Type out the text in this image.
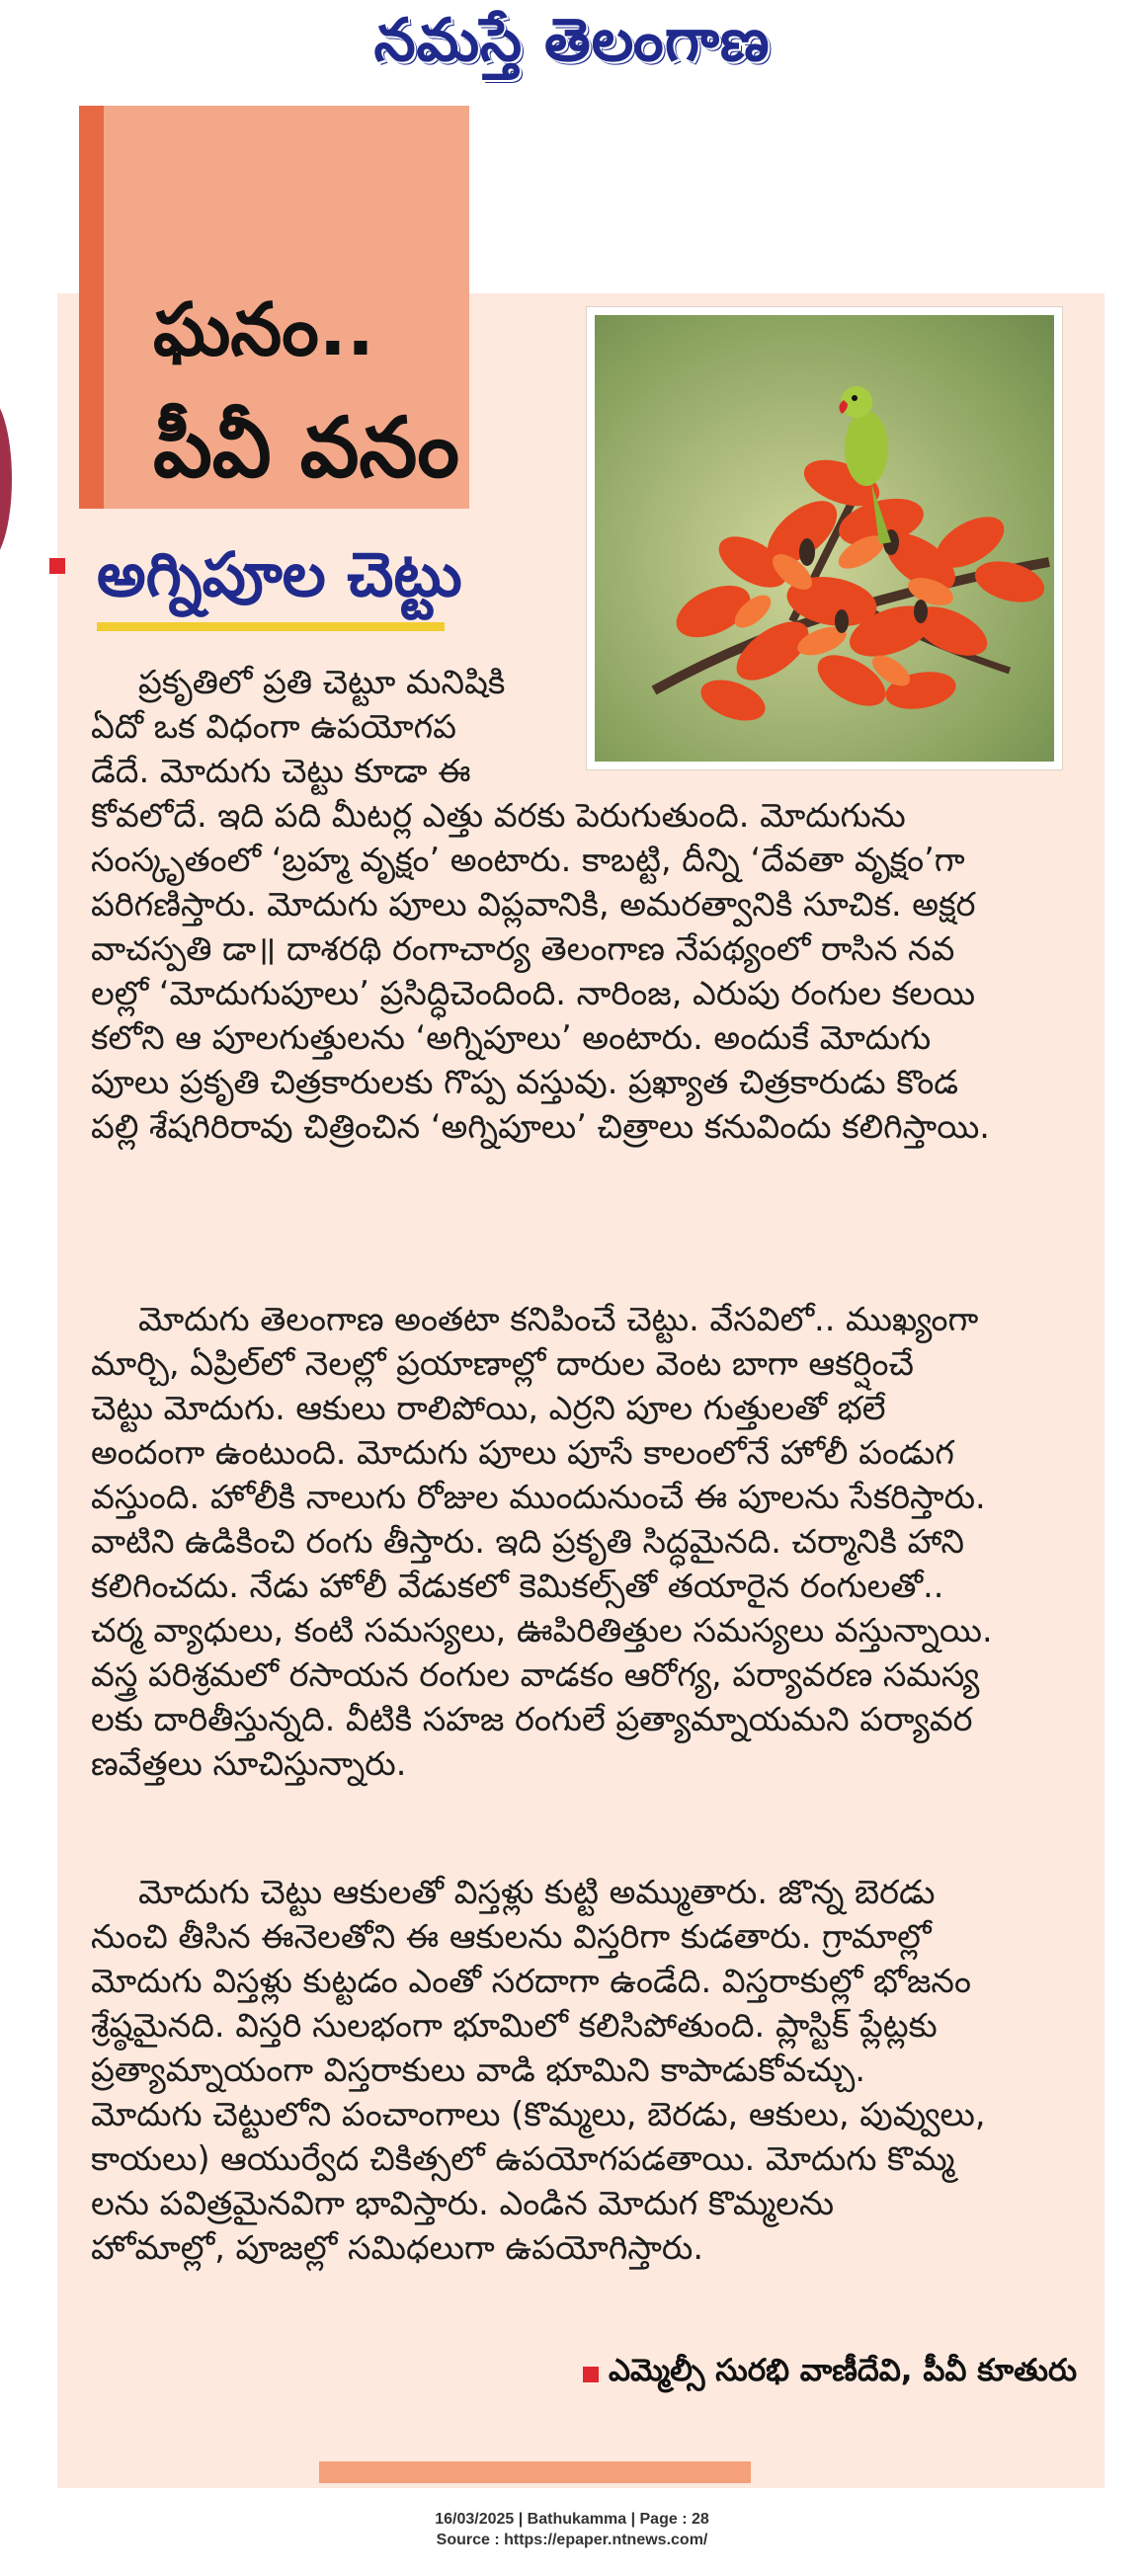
నమస్తే తెలంగాణ
ఘనం..
పీవీ వనం
అగ్నిపూల చెట్టు
ప్రకృతిలో ప్రతి చెట్టూ మనిషికి
ఏదో ఒక విధంగా ఉపయోగప
డేదే. మోదుగు చెట్టు కూడా ఈ
కోవలోదే. ఇది పది మీటర్ల ఎత్తు వరకు పెరుగుతుంది. మోదుగును
సంస్కృతంలో ‘బ్రహ్మ వృక్షం’ అంటారు. కాబట్టి, దీన్ని ‘దేవతా వృక్షం’గా
పరిగణిస్తారు. మోదుగు పూలు విప్లవానికి, అమరత్వానికి సూచిక. అక్షర
వాచస్పతి డా॥ దాశరథి రంగాచార్య తెలంగాణ నేపథ్యంలో రాసిన నవ
లల్లో ‘మోదుగుపూలు’ ప్రసిద్ధిచెందింది. నారింజ, ఎరుపు రంగుల కలయి
కలోని ఆ పూలగుత్తులను ‘అగ్నిపూలు’ అంటారు. అందుకే మోదుగు
పూలు ప్రకృతి చిత్రకారులకు గొప్ప వస్తువు. ప్రఖ్యాత చిత్రకారుడు కొండ
పల్లి శేషగిరిరావు చిత్రించిన ‘అగ్నిపూలు’ చిత్రాలు కనువిందు కలిగిస్తాయి.
మోదుగు తెలంగాణ అంతటా కనిపించే చెట్టు. వేసవిలో.. ముఖ్యంగా
మార్చి, ఏప్రిల్‌లో నెలల్లో ప్రయాణాల్లో దారుల వెంట బాగా ఆకర్షించే
చెట్టు మోదుగు. ఆకులు రాలిపోయి, ఎర్రని పూల గుత్తులతో భలే
అందంగా ఉంటుంది. మోదుగు పూలు పూసే కాలంలోనే హోలీ పండుగ
వస్తుంది. హోలీకి నాలుగు రోజుల ముందునుంచే ఈ పూలను సేకరిస్తారు.
వాటిని ఉడికించి రంగు తీస్తారు. ఇది ప్రకృతి సిద్ధమైనది. చర్మానికి హాని
కలిగించదు. నేడు హోలీ వేడుకలో కెమికల్స్‌తో తయారైన రంగులతో..
చర్మ వ్యాధులు, కంటి సమస్యలు, ఊపిరితిత్తుల సమస్యలు వస్తున్నాయి.
వస్త్ర పరిశ్రమలో రసాయన రంగుల వాడకం ఆరోగ్య, పర్యావరణ సమస్య
లకు దారితీస్తున్నది. వీటికి సహజ రంగులే ప్రత్యామ్నాయమని పర్యావర
ణవేత్తలు సూచిస్తున్నారు.
మోదుగు చెట్టు ఆకులతో విస్తళ్లు కుట్టి అమ్ముతారు. జొన్న బెరడు
నుంచి తీసిన ఈనెలతోని ఈ ఆకులను విస్తరిగా కుడతారు. గ్రామాల్లో
మోదుగు విస్తళ్లు కుట్టడం ఎంతో సరదాగా ఉండేది. విస్తరాకుల్లో భోజనం
శ్రేష్ఠమైనది. విస్తరి సులభంగా భూమిలో కలిసిపోతుంది. ప్లాస్టిక్ ప్లేట్లకు
ప్రత్యామ్నాయంగా విస్తరాకులు వాడి భూమిని కాపాడుకోవచ్చు.
మోదుగు చెట్టులోని పంచాంగాలు (కొమ్మలు, బెరడు, ఆకులు, పువ్వులు,
కాయలు) ఆయుర్వేద చికిత్సలో ఉపయోగపడతాయి. మోదుగు కొమ్మ
లను పవిత్రమైనవిగా భావిస్తారు. ఎండిన మోదుగ కొమ్మలను
హోమాల్లో, పూజల్లో సమిధలుగా ఉపయోగిస్తారు.
ఎమ్మెల్సీ సురభి వాణీదేవి, పీవీ కూతురు
16/03/2025 | Bathukamma | Page : 28
Source : https://epaper.ntnews.com/
